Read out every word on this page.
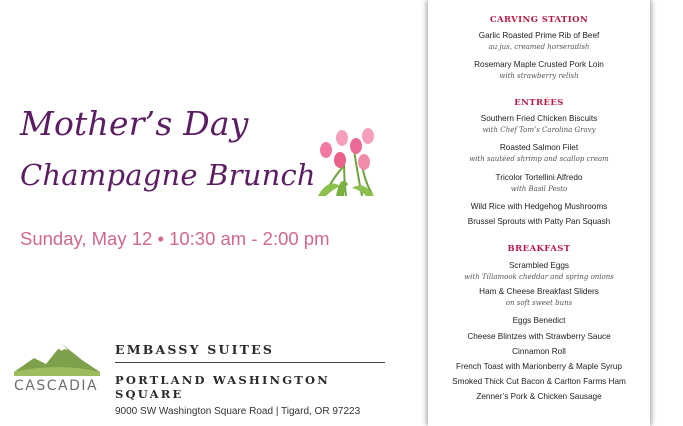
Mother’s Day
Champagne Brunch
Sunday, May 12 • 10:30 am - 2:00 pm
CASCADIA
EMBASSY SUITES
PORTLAND WASHINGTON SQUARE
9000 SW Washington Square Road | Tigard, OR 97223
CARVING STATION
Garlic Roasted Prime Rib of Beef
au jus, creamed horseradish
Rosemary Maple Crusted Pork Loin
with strawberry relish
ENTRÉES
Southern Fried Chicken Biscuits
with Chef Tom’s Carolina Gravy
Roasted Salmon Filet
with sautéed shrimp and scallop cream
Tricolor Tortellini Alfredo
with Basil Pesto
Wild Rice with Hedgehog Mushrooms
Brussel Sprouts with Patty Pan Squash
BREAKFAST
Scrambled Eggs
with Tillamook cheddar and spring onions
Ham & Cheese Breakfast Sliders
on soft sweet buns
Eggs Benedict
Cheese Blintzes with Strawberry Sauce
Cinnamon Roll
French Toast with Marionberry & Maple Syrup
Smoked Thick Cut Bacon & Carlton Farms Ham
Zenner’s Pork & Chicken Sausage
